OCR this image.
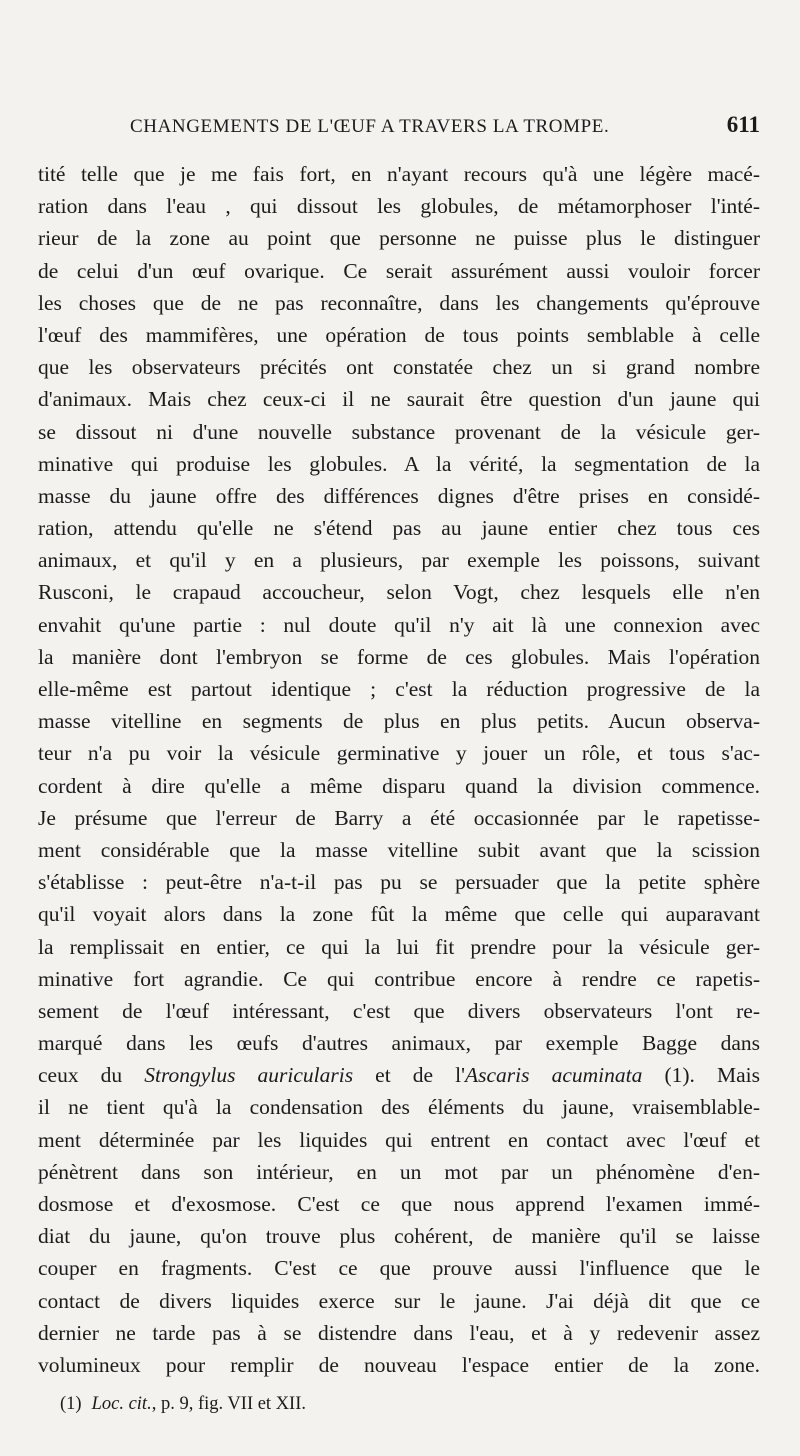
CHANGEMENTS DE L'ŒUF A TRAVERS LA TROMPE.	611
tité telle que je me fais fort, en n'ayant recours qu'à une légère macé-
ration dans l'eau , qui dissout les globules, de métamorphoser l'inté-
rieur de la zone au point que personne ne puisse plus le distinguer
de celui d'un œuf ovarique. Ce serait assurément aussi vouloir forcer
les choses que de ne pas reconnaître, dans les changements qu'éprouve
l'œuf des mammifères, une opération de tous points semblable à celle
que les observateurs précités ont constatée chez un si grand nombre
d'animaux. Mais chez ceux-ci il ne saurait être question d'un jaune qui
se dissout ni d'une nouvelle substance provenant de la vésicule ger-
minative qui produise les globules. A la vérité, la segmentation de la
masse du jaune offre des différences dignes d'être prises en considé-
ration, attendu qu'elle ne s'étend pas au jaune entier chez tous ces
animaux, et qu'il y en a plusieurs, par exemple les poissons, suivant
Rusconi, le crapaud accoucheur, selon Vogt, chez lesquels elle n'en
envahit qu'une partie : nul doute qu'il n'y ait là une connexion avec
la manière dont l'embryon se forme de ces globules. Mais l'opération
elle-même est partout identique ; c'est la réduction progressive de la
masse vitelline en segments de plus en plus petits. Aucun observa-
teur n'a pu voir la vésicule germinative y jouer un rôle, et tous s'ac-
cordent à dire qu'elle a même disparu quand la division commence.
Je présume que l'erreur de Barry a été occasionnée par le rapetisse-
ment considérable que la masse vitelline subit avant que la scission
s'établisse : peut-être n'a-t-il pas pu se persuader que la petite sphère
qu'il voyait alors dans la zone fût la même que celle qui auparavant
la remplissait en entier, ce qui la lui fit prendre pour la vésicule ger-
minative fort agrandie. Ce qui contribue encore à rendre ce rapetis-
sement de l'œuf intéressant, c'est que divers observateurs l'ont re-
marqué dans les œufs d'autres animaux, par exemple Bagge dans
ceux du Strongylus auricularis et de l'Ascaris acuminata (1). Mais
il ne tient qu'à la condensation des éléments du jaune, vraisemblable-
ment déterminée par les liquides qui entrent en contact avec l'œuf et
pénètrent dans son intérieur, en un mot par un phénomène d'en-
dosmose et d'exosmose. C'est ce que nous apprend l'examen immé-
diat du jaune, qu'on trouve plus cohérent, de manière qu'il se laisse
couper en fragments. C'est ce que prouve aussi l'influence que le
contact de divers liquides exerce sur le jaune. J'ai déjà dit que ce
dernier ne tarde pas à se distendre dans l'eau, et à y redevenir assez
volumineux pour remplir de nouveau l'espace entier de la zone.
(1) Loc. cit., p. 9, fig. VII et XII.
